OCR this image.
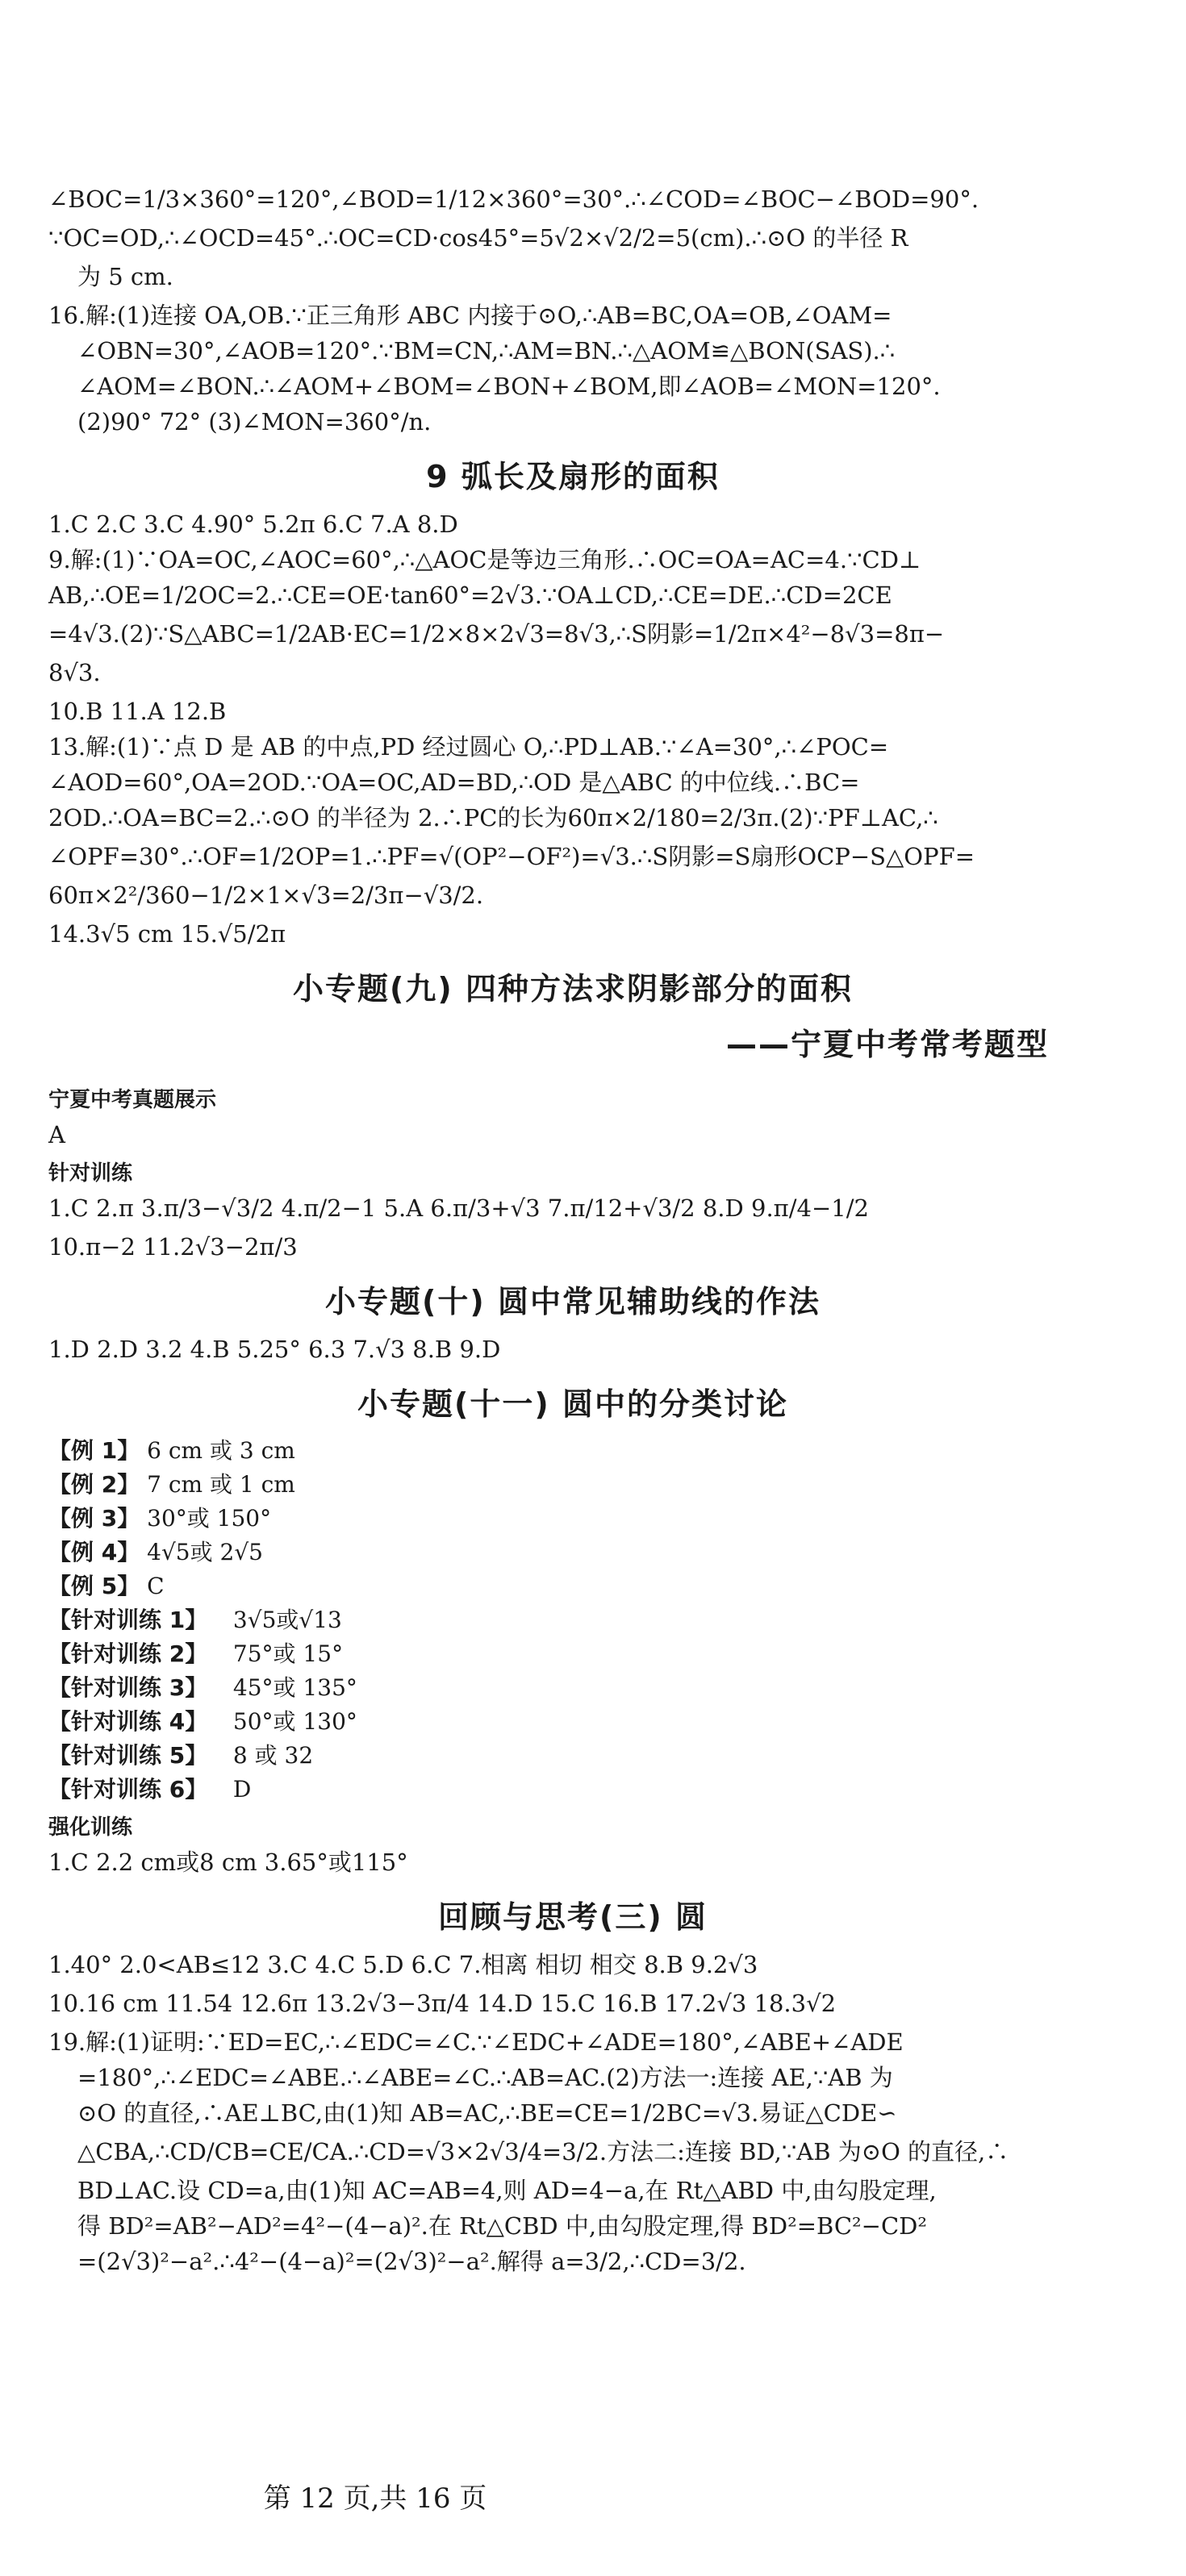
∠BOC=1/3×360°=120°,∠BOD=1/12×360°=30°.∴∠COD=∠BOC−∠BOD=90°.
∵OC=OD,∴∠OCD=45°.∴OC=CD·cos45°=5√2×√2/2=5(cm).∴⊙O 的半径 R
为 5 cm.
16.解:(1)连接 OA,OB.∵正三角形 ABC 内接于⊙O,∴AB=BC,OA=OB,∠OAM=
∠OBN=30°,∠AOB=120°.∵BM=CN,∴AM=BN.∴△AOM≌△BON(SAS).∴
∠AOM=∠BON.∴∠AOM+∠BOM=∠BON+∠BOM,即∠AOB=∠MON=120°.
(2)90° 72° (3)∠MON=360°/n.
9 弧长及扇形的面积
1.C 2.C 3.C 4.90° 5.2π 6.C 7.A 8.D
9.解:(1)∵OA=OC,∠AOC=60°,∴△AOC是等边三角形.∴OC=OA=AC=4.∵CD⊥
AB,∴OE=1/2OC=2.∴CE=OE·tan60°=2√3.∵OA⊥CD,∴CE=DE.∴CD=2CE
=4√3.(2)∵S△ABC=1/2AB·EC=1/2×8×2√3=8√3,∴S阴影=1/2π×4²−8√3=8π−
8√3.
10.B 11.A 12.B
13.解:(1)∵点 D 是 AB 的中点,PD 经过圆心 O,∴PD⊥AB.∵∠A=30°,∴∠POC=
∠AOD=60°,OA=2OD.∵OA=OC,AD=BD,∴OD 是△ABC 的中位线.∴BC=
2OD.∴OA=BC=2.∴⊙O 的半径为 2.∴PC的长为60π×2/180=2/3π.(2)∵PF⊥AC,∴
∠OPF=30°.∴OF=1/2OP=1.∴PF=√(OP²−OF²)=√3.∴S阴影=S扇形OCP−S△OPF=
60π×2²/360−1/2×1×√3=2/3π−√3/2.
14.3√5 cm 15.√5/2π
小专题(九) 四种方法求阴影部分的面积
——宁夏中考常考题型
宁夏中考真题展示
A
针对训练
1.C 2.π 3.π/3−√3/2 4.π/2−1 5.A 6.π/3+√3 7.π/12+√3/2 8.D 9.π/4−1/2
10.π−2 11.2√3−2π/3
小专题(十) 圆中常见辅助线的作法
1.D 2.D 3.2 4.B 5.25° 6.3 7.√3 8.B 9.D
小专题(十一) 圆中的分类讨论
【例 1】 6 cm 或 3 cm
【例 2】 7 cm 或 1 cm
【例 3】 30°或 150°
【例 4】 4√5或 2√5
【例 5】 C
【针对训练 1】 3√5或√13
【针对训练 2】 75°或 15°
【针对训练 3】 45°或 135°
【针对训练 4】 50°或 130°
【针对训练 5】 8 或 32
【针对训练 6】 D
强化训练
1.C 2.2 cm或8 cm 3.65°或115°
回顾与思考(三) 圆
1.40° 2.0<AB≤12 3.C 4.C 5.D 6.C 7.相离 相切 相交 8.B 9.2√3
10.16 cm 11.54 12.6π 13.2√3−3π/4 14.D 15.C 16.B 17.2√3 18.3√2
19.解:(1)证明:∵ED=EC,∴∠EDC=∠C.∵∠EDC+∠ADE=180°,∠ABE+∠ADE
=180°,∴∠EDC=∠ABE.∴∠ABE=∠C.∴AB=AC.(2)方法一:连接 AE,∵AB 为
⊙O 的直径,∴AE⊥BC,由(1)知 AB=AC,∴BE=CE=1/2BC=√3.易证△CDE∽
△CBA,∴CD/CB=CE/CA.∴CD=√3×2√3/4=3/2.方法二:连接 BD,∵AB 为⊙O 的直径,∴
BD⊥AC.设 CD=a,由(1)知 AC=AB=4,则 AD=4−a,在 Rt△ABD 中,由勾股定理,
得 BD²=AB²−AD²=4²−(4−a)².在 Rt△CBD 中,由勾股定理,得 BD²=BC²−CD²
=(2√3)²−a².∴4²−(4−a)²=(2√3)²−a².解得 a=3/2,∴CD=3/2.
第 12 页,共 16 页
